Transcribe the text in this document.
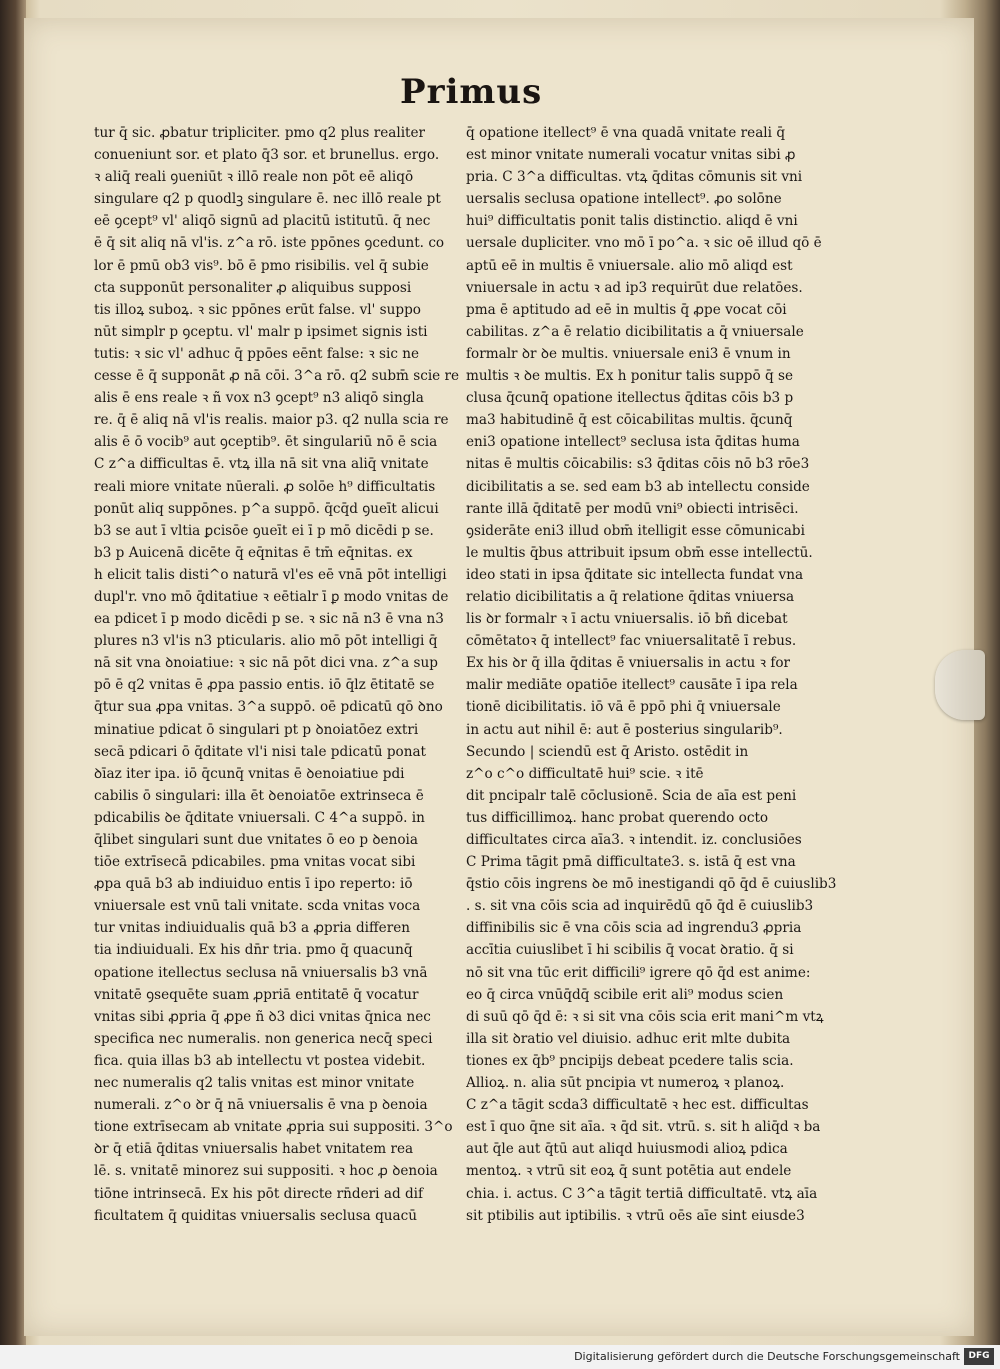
Primus
tur q̄ sic. ꝓbatur tripliciter. pmo q2 plus realiter
conueniunt sor. et plato q̄3 sor. et brunellus. ergo.
ꝛ aliq̄ reali ꝯueniūt ꝛ illō reale non pōt eē aliqō
singulare q2 p quodlꝫ singulare ē. nec illō reale pt
eē ꝯcept⁹ vl' aliqō signū ad placitū istitutū. q̄ nec
ē q̄ sit aliq nā vl'is. z^a rō. iste ppōnes ꝯcedunt. co
lor ē pmū ob3 vis⁹. bō ē pmo risibilis. vel q̄ subie
cta supponūt personaliter ꝓ aliquibus supposi
tis illoꝝ suboꝝ. ꝛ sic ppōnes erūt false. vl' suppo
nūt simplr p ꝯceptu. vl' malr p ipsimet signis isti
tutis: ꝛ sic vl' adhuc q̄ ppōes eēnt false: ꝛ sic ne
cesse ē q̄ supponāt ꝓ nā cōi. 3^a rō. q2 subm̄ scie re
alis ē ens reale ꝛ ñ vox n3 ꝯcept⁹ n3 aliqō singla
re. q̄ ē aliq nā vl'is realis. maior p3. q2 nulla scia re
alis ē ō vocib⁹ aut ꝯceptib⁹. ēt singulariū nō ē scia
C z^a difficultas ē. vtꝝ illa nā sit vna aliq̄ vnitate
reali miore vnitate nūerali. ꝓ solōe h⁹ difficultatis
ponūt aliq suppōnes. p^a suppō. q̄cq̄d ꝯueīt alicui
b3 se aut ī vltia ꝑcisōe ꝯueīt ei ī p mō dicēdi p se.
b3 p Auicenā dicēte q̄ eq̄nitas ē tm̄ eq̄nitas. ex
h elicit talis disti^o naturā vl'es eē vnā pōt intelligi
dupl'r. vno mō q̄ditatiue ꝛ eētialr ī ꝑ modo vnitas de
ea pdicet ī p modo dicēdi p se. ꝛ sic nā n3 ē vna n3
plures n3 vl'is n3 pticularis. alio mō pōt intelligi q̄
nā sit vna ꝺnoiatiue: ꝛ sic nā pōt dici vna. z^a sup
pō ē q2 vnitas ē ꝓpa passio entis. iō q̄lz ētitatē se
q̄tur sua ꝓpa vnitas. 3^a suppō. oē pdicatū qō ꝺno
minatiue pdicat ō singulari pt p ꝺnoiatōez extri
secā pdicari ō q̄ditate vl'i nisi tale pdicatū ponat
ꝺīaz iter ipa. iō q̄cunq̄ vnitas ē ꝺenoiatiue pdi
cabilis ō singulari: illa ēt ꝺenoiatōe extrinseca ē
pdicabilis ꝺe q̄ditate vniuersali. C 4^a suppō. in
q̄libet singulari sunt due vnitates ō eo p ꝺenoia
tiōe extrīsecā pdicabiles. pma vnitas vocat sibi
ꝓpa quā b3 ab indiuiduo entis ī ipo reperto: iō
vniuersale est vnū tali vnitate. scda vnitas voca
tur vnitas indiuidualis quā b3 a ꝓpria differen
tia indiuiduali. Ex his dn̄r tria. pmo q̄ quacunq̄
opatione itellectus seclusa nā vniuersalis b3 vnā
vnitatē ꝯsequēte suam ꝓpriā entitatē q̄ vocatur
vnitas sibi ꝓpria q̄ ꝓpe ñ ꝺ3 dici vnitas q̄nica nec
specifica nec numeralis. non generica necq̄ speci
fica. quia illas b3 ab intellectu vt postea videbit.
nec numeralis q2 talis vnitas est minor vnitate
numerali. z^o ꝺr q̄ nā vniuersalis ē vna p ꝺenoia
tione extrīsecam ab vnitate ꝓpria sui suppositi. 3^o
ꝺr q̄ etiā q̄ditas vniuersalis habet vnitatem rea
lē. s. vnitatē minorez sui suppositi. ꝛ hoc ꝓ ꝺenoia
tiōne intrinsecā. Ex his pōt directe rn̄deri ad dif
ficultatem q̄ quiditas vniuersalis seclusa quacū
q̄ opatione itellect⁹ ē vna quadā vnitate reali q̄
est minor vnitate numerali vocatur vnitas sibi ꝓ
pria. C 3^a difficultas. vtꝝ q̄ditas cōmunis sit vni
uersalis seclusa opatione intellect⁹. ꝓo solōne
hui⁹ difficultatis ponit talis distinctio. aliqd ē vni
uersale dupliciter. vno mō ī po^a. ꝛ sic oē illud qō ē
aptū eē in multis ē vniuersale. alio mō aliqd est
vniuersale in actu ꝛ ad ip3 requirūt due relatōes.
pma ē aptitudo ad eē in multis q̄ ꝓpe vocat cōi
cabilitas. z^a ē relatio dicibilitatis a q̄ vniuersale
formalr ꝺr ꝺe multis. vniuersale eni3 ē vnum in
multis ꝛ ꝺe multis. Ex h ponitur talis suppō q̄ se
clusa q̄cunq̄ opatione itellectus q̄ditas cōis b3 p
ma3 habitudinē q̄ est cōicabilitas multis. q̄cunq̄
eni3 opatione intellect⁹ seclusa ista q̄ditas huma
nitas ē multis cōicabilis: s3 q̄ditas cōis nō b3 rōe3
dicibilitatis a se. sed eam b3 ab intellectu conside
rante illā q̄ditatē per modū vni⁹ obiecti intrisēci.
ꝯsiderāte eni3 illud obm̄ itelligit esse cōmunicabi
le multis q̄bus attribuit ipsum obm̄ esse intellectū.
ideo stati in ipsa q̄ditate sic intellecta fundat vna
relatio dicibilitatis a q̄ relatione q̄ditas vniuersa
lis ꝺr formalr ꝛ ī actu vniuersalis. iō bñ dicebat
cōmētatoꝛ q̄ intellect⁹ fac vniuersalitatē ī rebus.
Ex his ꝺr q̄ illa q̄ditas ē vniuersalis in actu ꝛ for
malir mediāte opatiōe itellect⁹ causāte ī ipa rela
tionē dicibilitatis. iō vā ē ppō phi q̄ vniuersale
in actu aut nihil ē: aut ē posterius singularib⁹.
Secundo | sciendū est q̄ Aristo. ostēdit in
z^o c^o difficultatē hui⁹ scie. ꝛ itē
dit pncipalr talē cōclusionē. Scia de aīa est peni
tus difficillimoꝝ. hanc probat querendo octo
difficultates circa aīa3. ꝛ intendit. iz. conclusiōes
C Prima tāgit pmā difficultate3. s. istā q̄ est vna
q̄stio cōis ingrens ꝺe mō inestigandi qō q̄d ē cuiuslib3
. s. sit vna cōis scia ad inquirēdū qō q̄d ē cuiuslib3
diffinibilis sic ē vna cōis scia ad ingrendu3 ꝓpria
accītia cuiuslibet ī hi scibilis q̄ vocat ꝺratio. q̄ si
nō sit vna tūc erit difficili⁹ igrere qō q̄d est anime:
eo q̄ circa vnūq̄dq̄ scibile erit ali⁹ modus scien
di suū qō q̄d ē: ꝛ si sit vna cōis scia erit mani^m vtꝝ
illa sit ꝺratio vel diuisio. adhuc erit mlte dubita
tiones ex q̄b⁹ pncipijs debeat pcedere talis scia.
Allioꝝ. n. alia sūt pncipia vt numeroꝝ ꝛ planoꝝ.
C z^a tāgit scda3 difficultatē ꝛ hec est. difficultas
est ī quo q̄ne sit aīa. ꝛ q̄d sit. vtrū. s. sit h aliq̄d ꝛ ba
aut q̄le aut q̄tū aut aliqd huiusmodi alioꝝ pdica
mentoꝝ. ꝛ vtrū sit eoꝝ q̄ sunt potētia aut endele
chia. i. actus. C 3^a tāgit tertiā difficultatē. vtꝝ aīa
sit ptibilis aut iptibilis. ꝛ vtrū oēs aīe sint eiusde3
Digitalisierung gefördert durch die Deutsche Forschungsgemeinschaft DFG
